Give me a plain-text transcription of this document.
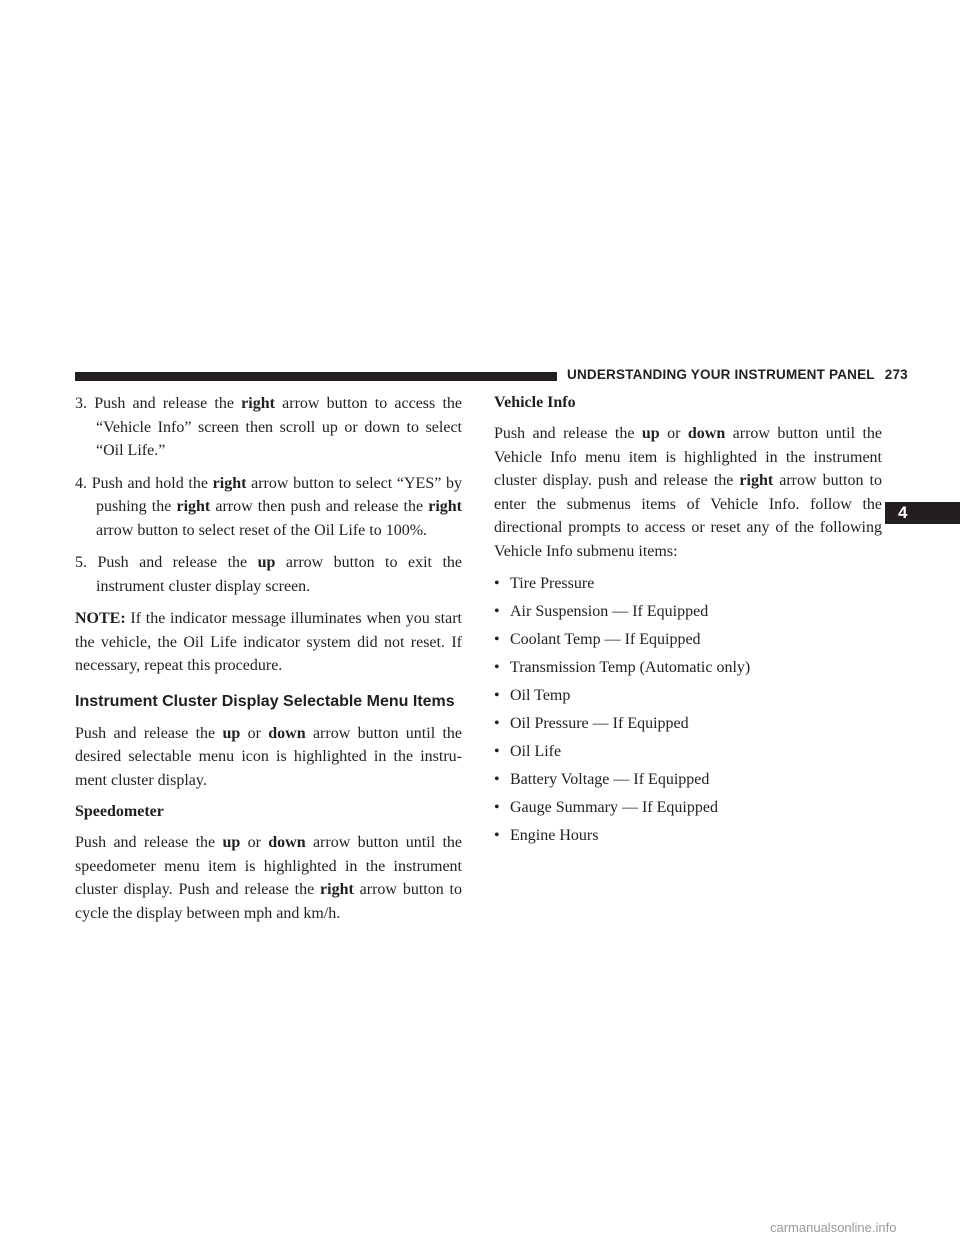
UNDERSTANDING YOUR INSTRUMENT PANEL 273
4

3. Push and release the right arrow button to access the “Vehicle Info” screen then scroll up or down to select “Oil Life.”

4. Push and hold the right arrow button to select “YES” by pushing the right arrow then push and release the right arrow button to select reset of the Oil Life to 100%.

5. Push and release the up arrow button to exit the instrument cluster display screen.

NOTE: If the indicator message illuminates when you start the vehicle, the Oil Life indicator system did not reset. If necessary, repeat this procedure.

Instrument Cluster Display Selectable Menu Items

Push and release the up or down arrow button until the desired selectable menu icon is highlighted in the instru-ment cluster display.

Speedometer

Push and release the up or down arrow button until the speedometer menu item is highlighted in the instrument cluster display. Push and release the right arrow button to cycle the display between mph and km/h.

Vehicle Info

Push and release the up or down arrow button until the Vehicle Info menu item is highlighted in the instrument cluster display. push and release the right arrow button to enter the submenus items of Vehicle Info. follow the directional prompts to access or reset any of the following Vehicle Info submenu items:

• Tire Pressure
• Air Suspension — If Equipped
• Coolant Temp — If Equipped
• Transmission Temp (Automatic only)
• Oil Temp
• Oil Pressure — If Equipped
• Oil Life
• Battery Voltage — If Equipped
• Gauge Summary — If Equipped
• Engine Hours
carmanualsonline.info
